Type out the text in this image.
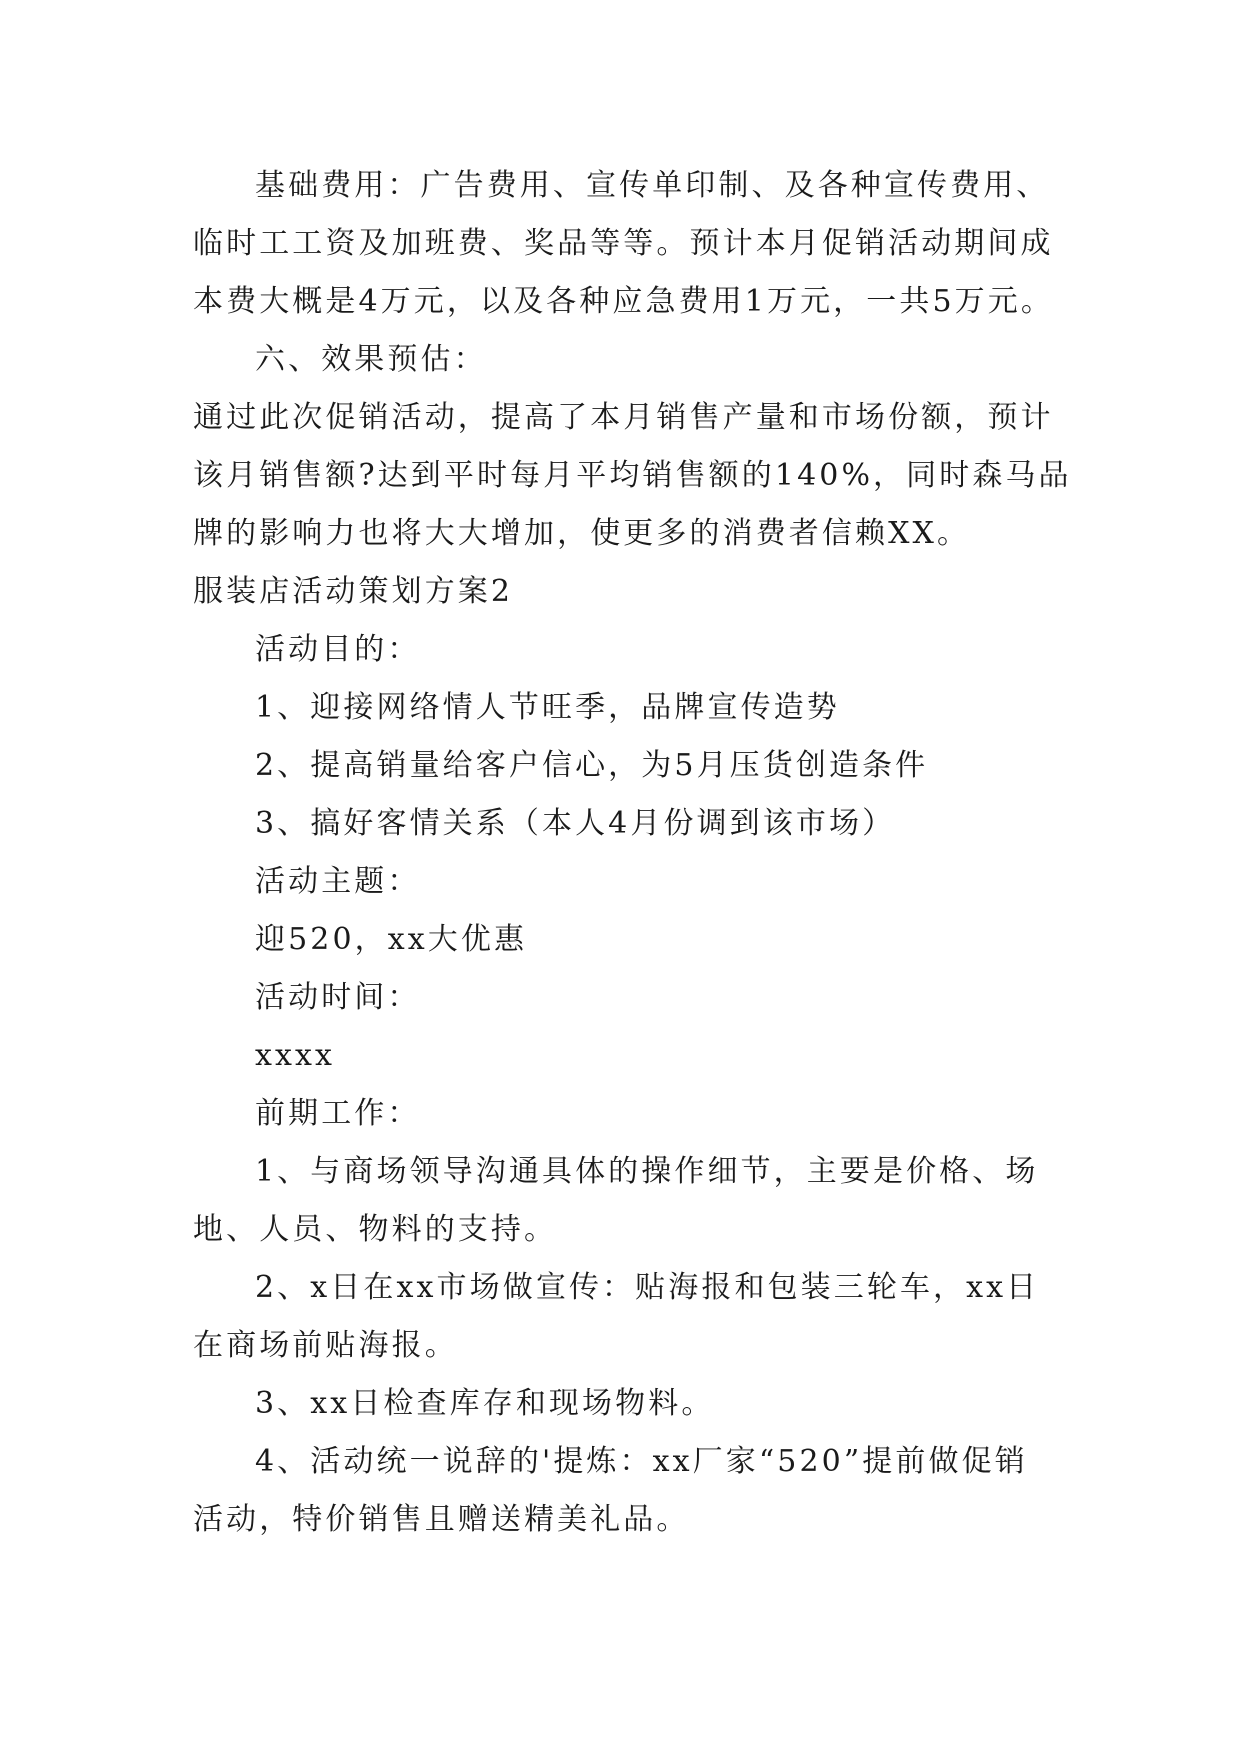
基础费用：广告费用、宣传单印制、及各种宣传费用、
临时工工资及加班费、奖品等等。预计本月促销活动期间成
本费大概是4万元，以及各种应急费用1万元，一共5万元。
六、效果预估：
通过此次促销活动，提高了本月销售产量和市场份额，预计
该月销售额?达到平时每月平均销售额的140%，同时森马品
牌的影响力也将大大增加，使更多的消费者信赖XX。
服装店活动策划方案2
活动目的：
1、迎接网络情人节旺季，品牌宣传造势
2、提高销量给客户信心，为5月压货创造条件
3、搞好客情关系（本人4月份调到该市场）
活动主题：
迎520，xx大优惠
活动时间：
xxxx
前期工作：
1、与商场领导沟通具体的操作细节，主要是价格、场
地、人员、物料的支持。
2、x日在xx市场做宣传：贴海报和包装三轮车，xx日
在商场前贴海报。
3、xx日检查库存和现场物料。
4、活动统一说辞的'提炼：xx厂家“520”提前做促销
活动，特价销售且赠送精美礼品。
